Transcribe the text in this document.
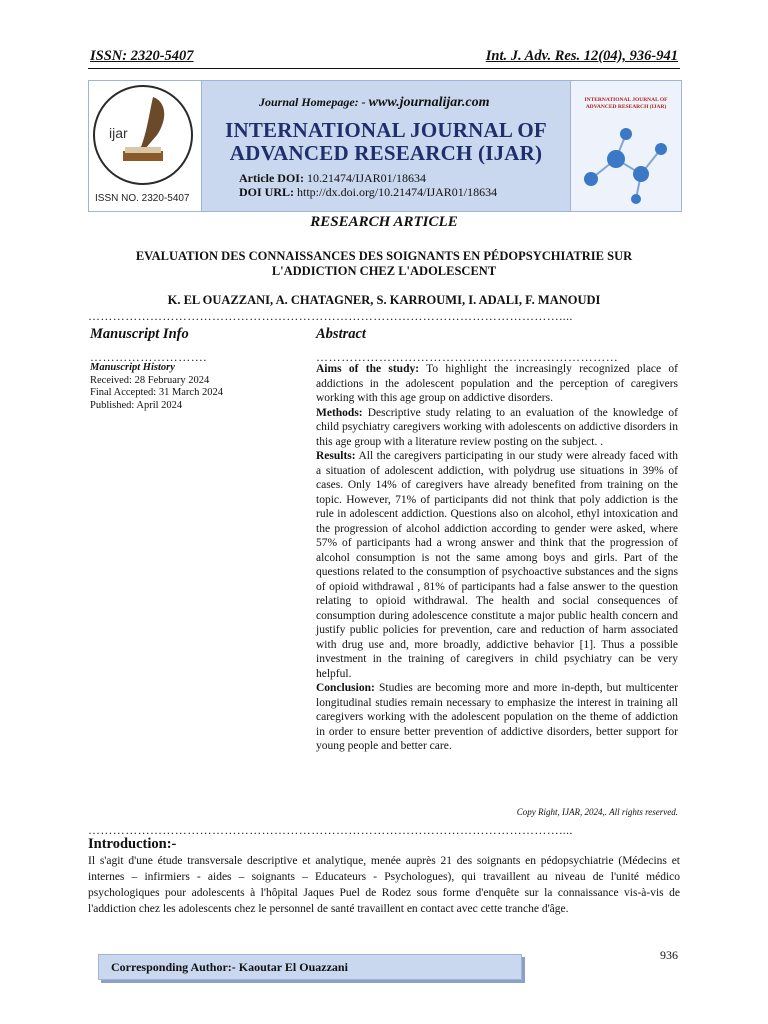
ISSN: 2320-5407	Int. J. Adv. Res. 12(04), 936-941
ijar
ISSN NO. 2320-5407
Journal Homepage: - www.journalijar.com
INTERNATIONAL JOURNAL OF
ADVANCED RESEARCH (IJAR)
Article DOI: 10.21474/IJAR01/18634
DOI URL: http://dx.doi.org/10.21474/IJAR01/18634
INTERNATIONAL JOURNAL OF ADVANCED RESEARCH (IJAR)
RESEARCH ARTICLE
EVALUATION DES CONNAISSANCES DES SOIGNANTS EN PÉDOPSYCHIATRIE SUR
L'ADDICTION CHEZ L'ADOLESCENT
K. EL OUAZZANI, A. CHATAGNER, S. KARROUMI, I. ADALI, F. MANOUDI
……………………………………………………………………………………………………....
Manuscript Info
……………………….
Manuscript History
Received: 28 February 2024
Final Accepted: 31 March 2024
Published: April 2024
Abstract
………………………………………………………………

Aims of the study: To highlight the increasingly recognized place of addictions in the adolescent population and the perception of caregivers working with this age group on addictive disorders.

Methods: Descriptive study relating to an evaluation of the knowledge of child psychiatry caregivers working with adolescents on addictive disorders in this age group with a literature review posting on the subject. .

Results: All the caregivers participating in our study were already faced with a situation of adolescent addiction, with polydrug use situations in 39% of cases. Only 14% of caregivers have already benefited from training on the topic. However, 71% of participants did not think that poly addiction is the rule in adolescent addiction. Questions also on alcohol, ethyl intoxication and the progression of alcohol addiction according to gender were asked, where 57% of participants had a wrong answer and think that the progression of alcohol consumption is not the same among boys and girls. Part of the questions related to the consumption of psychoactive substances and the signs of opioid withdrawal , 81% of participants had a false answer to the question relating to opioid withdrawal. The health and social consequences of consumption during adolescence constitute a major public health concern and justify public policies for prevention, care and reduction of harm associated with drug use and, more broadly, addictive behavior [1]. Thus a possible investment in the training of caregivers in child psychiatry can be very helpful.

Conclusion: Studies are becoming more and more in-depth, but multicenter longitudinal studies remain necessary to emphasize the interest in training all caregivers working with the adolescent population on the theme of addiction in order to ensure better prevention of addictive disorders, better support for young people and better care.

Copy Right, IJAR, 2024,. All rights reserved.
……………………………………………………………………………………………………....
Introduction:-
Il s'agit d'une étude transversale descriptive et analytique, menée auprès 21 des soignants en pédopsychiatrie (Médecins et internes – infirmiers - aides – soignants – Educateurs - Psychologues), qui travaillent au niveau de l'unité médico psychologiques pour adolescents à l'hôpital Jaques Puel de Rodez sous forme d'enquête sur la connaissance vis-à-vis de l'addiction chez les adolescents chez le personnel de santé travaillent en contact avec cette tranche d'âge.
936
Corresponding Author:- Kaoutar El Ouazzani
